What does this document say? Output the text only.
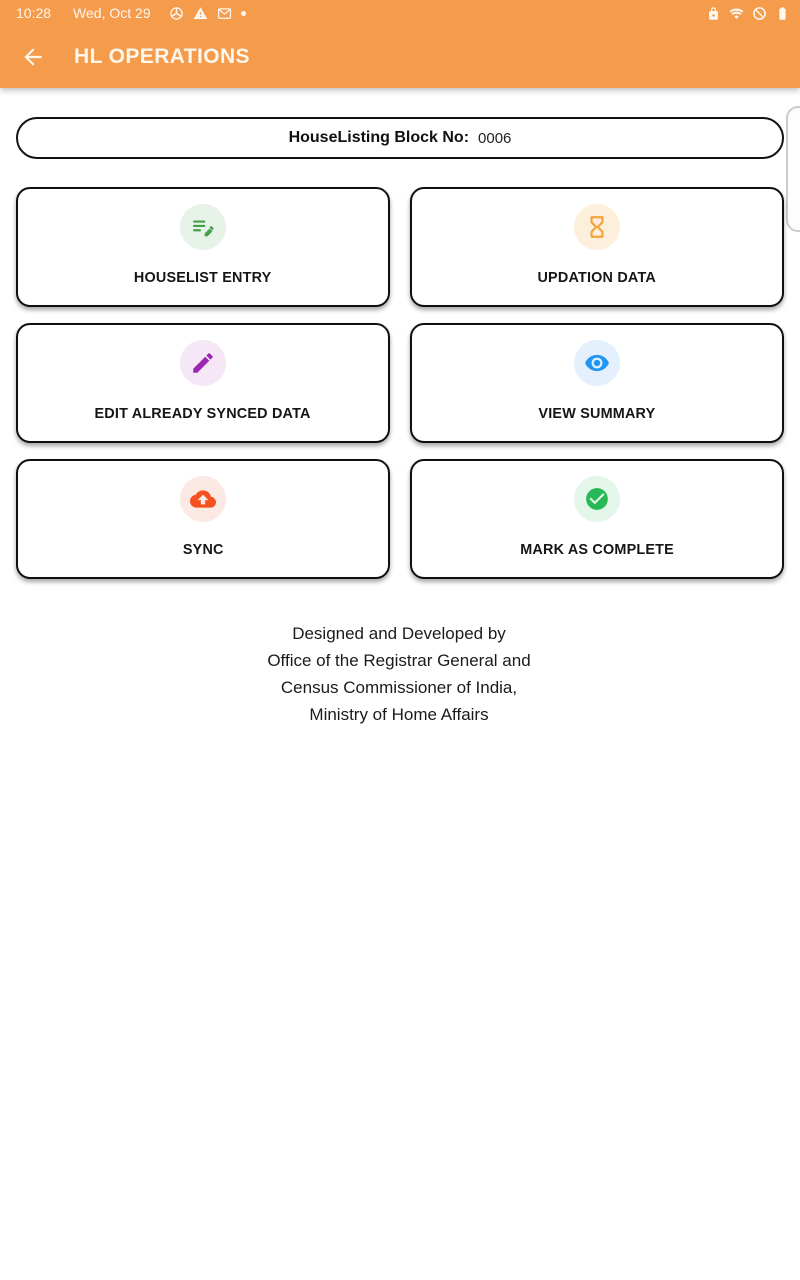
10:28 Wed, Oct 29
HL OPERATIONS
HouseListing Block No: 0006
HOUSELIST ENTRY	UPDATION DATA
EDIT ALREADY SYNCED DATA	VIEW SUMMARY
SYNC	MARK AS COMPLETE
Designed and Developed by
Office of the Registrar General and
Census Commissioner of India,
Ministry of Home Affairs
